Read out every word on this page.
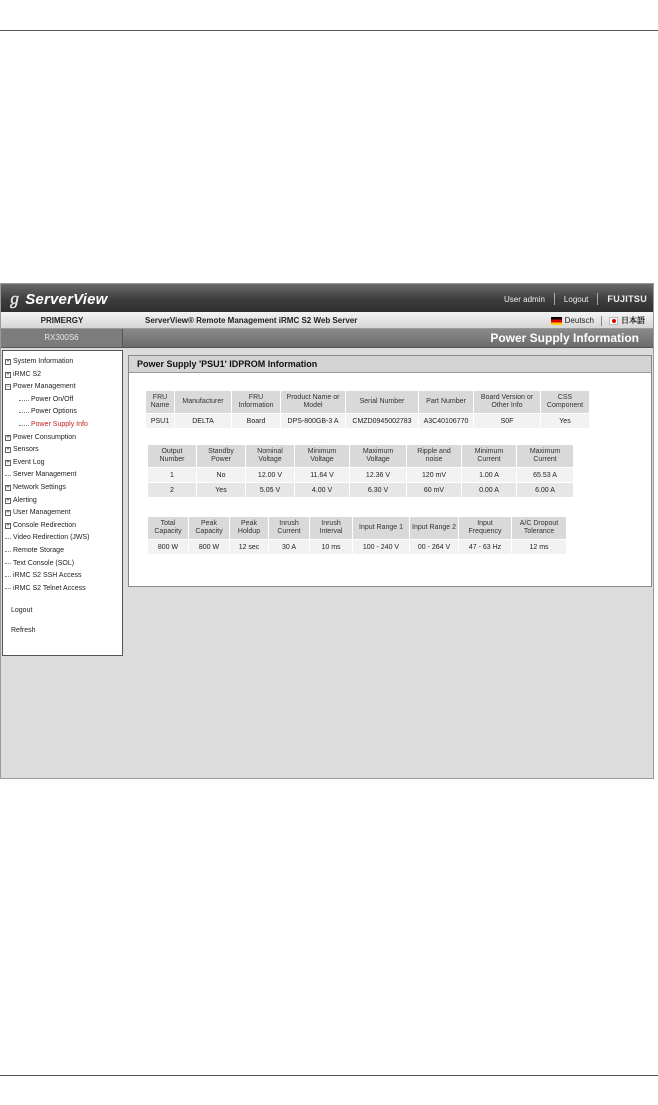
ℊ ServerView	User admin Logout FUJITSU
PRIMERGY	ServerView® Remote Management iRMC S2 Web Server	Deutsch	日本語
RX300S6	Power Supply Information
+ System Information
+ iRMC S2
− Power Management
Power On/Off
Power Options
Power Supply Info
+ Power Consumption
+ Sensors
+ Event Log
Server Management
+ Network Settings
+ Alerting
+ User Management
+ Console Redirection
Video Redirection (JWS)
Remote Storage
Text Console (SOL)
iRMC S2 SSH Access
iRMC S2 Telnet Access
Logout
Refresh
Power Supply 'PSU1' IDPROM Information
FRU Name	Manufacturer	FRU Information	Product Name or Model	Serial Number	Part Number	Board Version or Other Info	CSS Component
PSU1	DELTA	Board	DPS-800GB-3 A	CMZD0945002783	A3C40106770	S0F	Yes
Output Number	Standby Power	Nominal Voltage	Minimum Voltage	Maximum Voltage	Ripple and noise	Minimum Current	Maximum Current
1	No	12.00 V	11.64 V	12.36 V	120 mV	1.00 A	65.53 A
2	Yes	5.05 V	4.00 V	6.30 V	60 mV	0.00 A	6.00 A
Total Capacity	Peak Capacity	Peak Holdup	Inrush Current	Inrush Interval	Input Range 1	Input Range 2	Input Frequency	A/C Dropout Tolerance
800 W	800 W	12 sec	30 A	10 ms	100 - 240 V	00 - 264 V	47 - 63 Hz	12 ms
